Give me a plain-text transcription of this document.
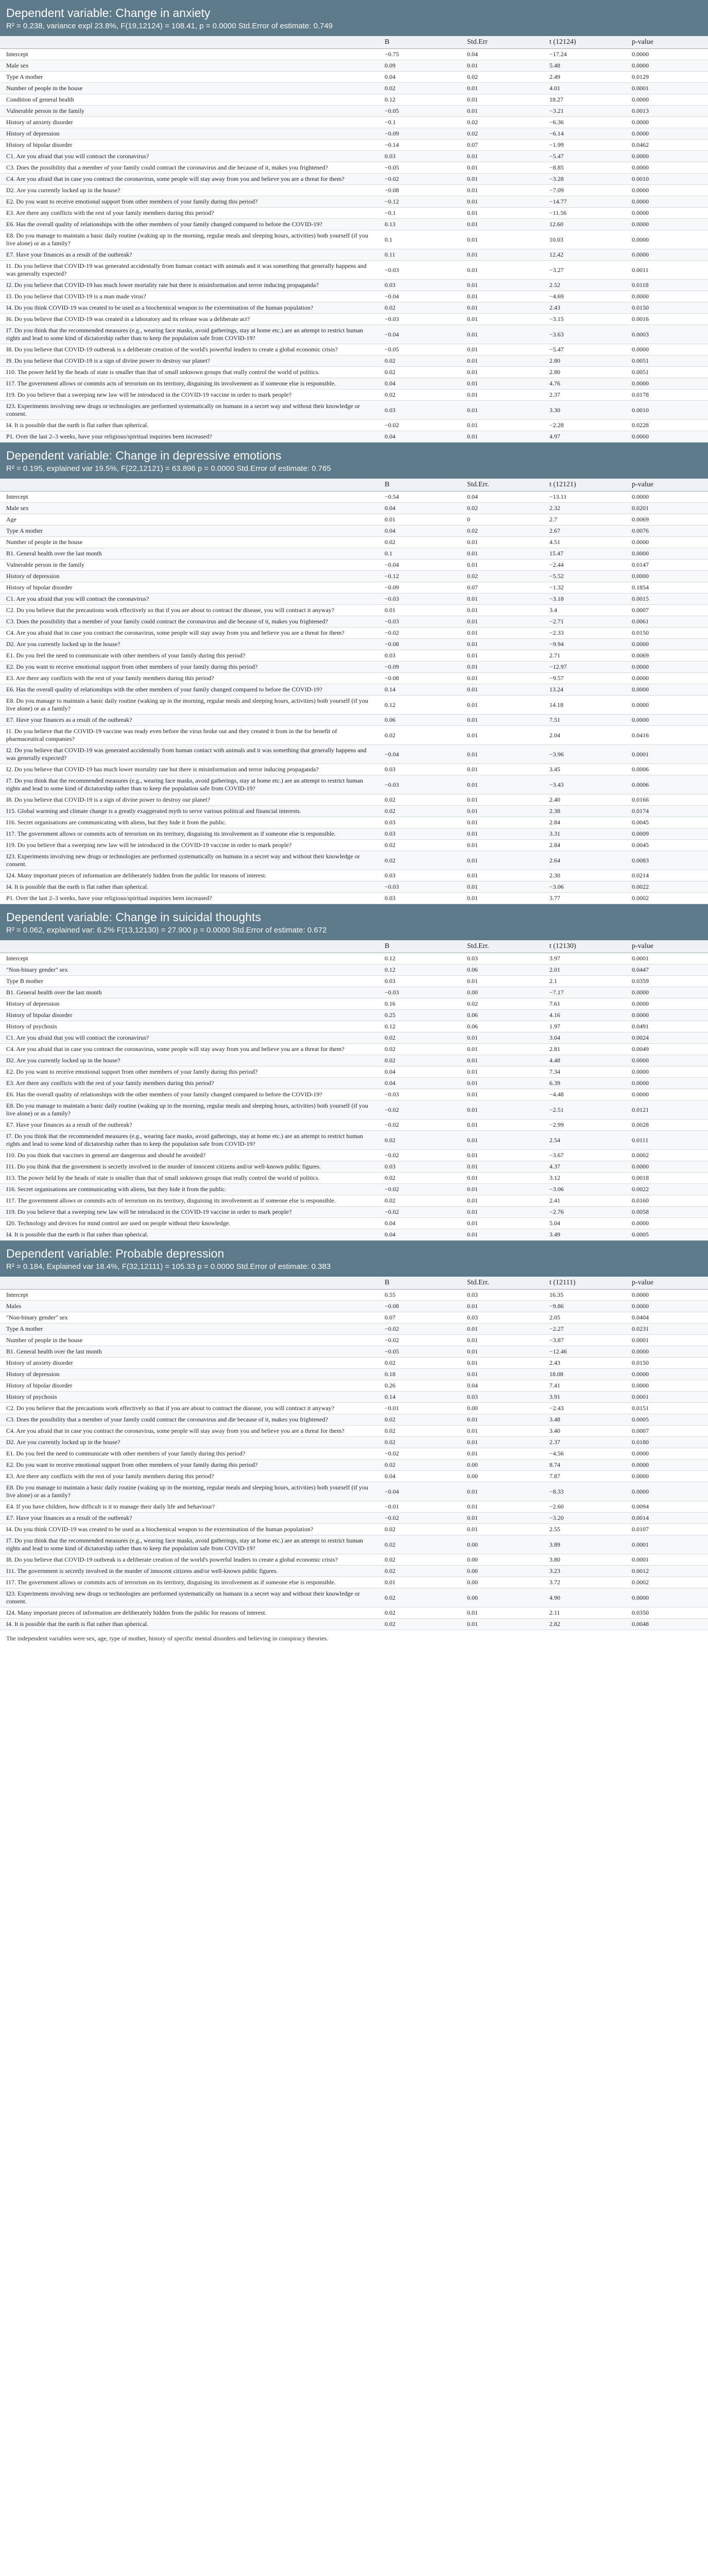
Dependent variable: Change in anxiety
R² = 0.238, variance expl 23.8%, F(19,12124) = 108.41, p = 0.0000 Std.Error of estimate: 0.749
	B	Std.Err	t (12124)	p-value
Intercept	−0.75	0.04	−17.24	0.0000
Male sex	0.09	0.01	5.48	0.0000
Type A mother	0.04	0.02	2.49	0.0129
Number of people in the house	0.02	0.01	4.01	0.0001
Condition of general health	0.12	0.01	18.27	0.0000
Vulnerable person in the family	−0.05	0.01	−3.21	0.0013
History of anxiety disorder	−0.1	0.02	−6.36	0.0000
History of depression	−0.09	0.02	−6.14	0.0000
History of bipolar disorder	−0.14	0.07	−1.99	0.0462
C1. Are you afraid that you will contract the coronavirus?	0.03	0.01	−5.47	0.0000
C3. Does the possibility that a member of your family could contract the coronavirus and die because of it, makes you frightened?	−0.05	0.01	−8.85	0.0000
C4. Are you afraid that in case you contract the coronavirus, some people will stay away from you and believe you are a threat for them?	−0.02	0.01	−3.28	0.0010
D2. Are you currently locked up in the house?	−0.08	0.01	−7.09	0.0000
E2. Do you want to receive emotional support from other members of your family during this period?	−0.12	0.01	−14.77	0.0000
E3. Are there any conflicts with the rest of your family members during this period?	−0.1	0.01	−11.56	0.0000
E6. Has the overall quality of relationships with the other members of your family changed compared to before the COVID-19?	0.13	0.01	12.60	0.0000
E8. Do you manage to maintain a basic daily routine (waking up in the morning, regular meals and sleeping hours, activities) both yourself (if you live alone) or as a family?	0.1	0.01	10.03	0.0000
E7. Have your finances as a result of the outbreak?	0.11	0.01	12.42	0.0000
I1. Do you believe that COVID-19 was generated accidentally from human contact with animals and it was something that generally happens and was generally expected?	−0.03	0.01	−3.27	0.0011
I2. Do you believe that COVID-19 has much lower mortality rate but there is misinformation and terror inducing propaganda?	0.03	0.01	2.52	0.0118
I3. Do you believe that COVID-19 is a man made virus?	−0.04	0.01	−4.69	0.0000
I4. Do you think COVID-19 was created to be used as a biochemical weapon to the extermination of the human population?	0.02	0.01	2.43	0.0150
I6. Do you believe that COVID-19 was created in a laboratory and its release was a deliberate act?	−0.03	0.01	−3.15	0.0016
I7. Do you think that the recommended measures (e.g., wearing face masks, avoid gatherings, stay at home etc.) are an attempt to restrict human rights and lead to some kind of dictatorship rather than to keep the population safe from COVID-19?	−0.04	0.01	−3.63	0.0003
I8. Do you believe that COVID-19 outbreak is a deliberate creation of the world's powerful leaders to create a global economic crisis?	−0.05	0.01	−5.47	0.0000
I9. Do you believe that COVID-19 is a sign of divine power to destroy our planet?	0.02	0.01	2.80	0.0051
I10. The power held by the heads of state is smaller than that of small unknown groups that really control the world of politics.	0.02	0.01	2.80	0.0051
I17. The government allows or commits acts of terrorism on its territory, disguising its involvement as if someone else is responsible.	0.04	0.01	4.76	0.0000
I19. Do you believe that a sweeping new law will be introduced in the COVID-19 vaccine in order to mark people?	0.02	0.01	2.37	0.0178
I23. Experiments involving new drugs or technologies are performed systematically on humans in a secret way and without their knowledge or consent.	0.03	0.01	3.30	0.0010
I4. It is possible that the earth is flat rather than spherical.	−0.02	0.01	−2.28	0.0228
P1. Over the last 2–3 weeks, have your religious/spiritual inquiries been increased?	0.04	0.01	4.97	0.0000
Dependent variable: Change in depressive emotions
R² = 0.195, explained var 19.5%, F(22,12121) = 63.896 p = 0.0000 Std.Error of estimate: 0.765
	B	Std.Err.	t (12121)	p-value
Intercept	−0.54	0.04	−13.11	0.0000
Male sex	0.04	0.02	2.32	0.0201
Age	0.01	0	2.7	0.0069
Type A mother	0.04	0.02	2.67	0.0076
Number of people in the house	0.02	0.01	4.51	0.0000
B1. General health over the last month	0.1	0.01	15.47	0.0000
Vulnerable person in the family	−0.04	0.01	−2.44	0.0147
History of depression	−0.12	0.02	−5.52	0.0000
History of bipolar disorder	−0.09	0.07	−1.32	0.1854
C1. Are you afraid that you will contract the coronavirus?	−0.03	0.01	−3.18	0.0015
C2. Do you believe that the precautions work effectively so that if you are about to contract the disease, you will contract it anyway?	0.01	0.01	3.4	0.0007
C3. Does the possibility that a member of your family could contract the coronavirus and die because of it, makes you frightened?	−0.03	0.01	−2.71	0.0061
C4. Are you afraid that in case you contract the coronavirus, some people will stay away from you and believe you are a threat for them?	−0.02	0.01	−2.33	0.0150
D2. Are you currently locked up in the house?	−0.08	0.01	−9.94	0.0000
E1. Do you feel the need to communicate with other members of your family during this period?	0.03	0.01	2.71	0.0069
E2. Do you want to receive emotional support from other members of your family during this period?	−0.09	0.01	−12.97	0.0000
E3. Are there any conflicts with the rest of your family members during this period?	−0.08	0.01	−9.57	0.0000
E6. Has the overall quality of relationships with the other members of your family changed compared to before the COVID-19?	0.14	0.01	13.24	0.0000
E8. Do you manage to maintain a basic daily routine (waking up in the morning, regular meals and sleeping hours, activities) both yourself (if you live alone) or as a family?	0.12	0.01	14.18	0.0000
E7. Have your finances as a result of the outbreak?	0.06	0.01	7.51	0.0000
I1. Do you believe that the COVID-19 vaccine was ready even before the virus broke out and they created it from in the for benefit of pharmaceutical companies?	0.02	0.01	2.04	0.0416
I2. Do you believe that COVID-19 was generated accidentally from human contact with animals and it was something that generally happens and was generally expected?	−0.04	0.01	−3.96	0.0001
I2. Do you believe that COVID-19 has much lower mortality rate but there is misinformation and terror inducing propaganda?	0.03	0.01	3.45	0.0006
I7. Do you think that the recommended measures (e.g., wearing face masks, avoid gatherings, stay at home etc.) are an attempt to restrict human rights and lead to some kind of dictatorship rather than to keep the population safe from COVID-19?	−0.03	0.01	−3.43	0.0006
I8. Do you believe that COVID-19 is a sign of divine power to destroy our planet?	0.02	0.01	2.40	0.0166
I15. Global warming and climate change is a greatly exaggerated myth to serve various political and financial interests.	0.02	0.01	2.38	0.0174
I16. Secret organisations are communicating with aliens, but they hide it from the public.	0.03	0.01	2.84	0.0045
I17. The government allows or commits acts of terrorism on its territory, disguising its involvement as if someone else is responsible.	0.03	0.01	3.31	0.0009
I19. Do you believe that a sweeping new law will be introduced in the COVID-19 vaccine in order to mark people?	0.02	0.01	2.84	0.0045
I23. Experiments involving new drugs or technologies are performed systematically on humans in a secret way and without their knowledge or consent.	0.02	0.01	2.64	0.0083
I24. Many important pieces of information are deliberately hidden from the public for reasons of interest.	0.03	0.01	2.30	0.0214
I4. It is possible that the earth is flat rather than spherical.	−0.03	0.01	−3.06	0.0022
P1. Over the last 2–3 weeks, have your religious/spiritual inquiries been increased?	0.03	0.01	3.77	0.0002
Dependent variable: Change in suicidal thoughts
R² = 0.062, explained var: 6.2% F(13,12130) = 27.900 p = 0.0000 Std.Error of estimate: 0.672
	B	Std.Err.	t (12130)	p-value
Intercept	0.12	0.03	3.97	0.0001
"Non-binary gender" sex	0.12	0.06	2.01	0.0447
Type B mother	0.03	0.01	2.1	0.0359
B1. General health over the last month	−0.03	0.00	−7.17	0.0000
History of depression	0.16	0.02	7.61	0.0000
History of bipolar disorder	0.25	0.06	4.16	0.0000
History of psychosis	0.12	0.06	1.97	0.0491
C1. Are you afraid that you will contract the coronavirus?	0.02	0.01	3.04	0.0024
C4. Are you afraid that in case you contract the coronavirus, some people will stay away from you and believe you are a threat for them?	0.02	0.01	2.81	0.0049
D2. Are you currently locked up in the house?	0.02	0.01	4.48	0.0000
E2. Do you want to receive emotional support from other members of your family during this period?	0.04	0.01	7.34	0.0000
E3. Are there any conflicts with the rest of your family members during this period?	0.04	0.01	6.39	0.0000
E6. Has the overall quality of relationships with the other members of your family changed compared to before the COVID-19?	−0.03	0.01	−4.48	0.0000
E8. Do you manage to maintain a basic daily routine (waking up in the morning, regular meals and sleeping hours, activities) both yourself (if you live alone) or as a family?	−0.02	0.01	−2.51	0.0121
E7. Have your finances as a result of the outbreak?	−0.02	0.01	−2.99	0.0028
I7. Do you think that the recommended measures (e.g., wearing face masks, avoid gatherings, stay at home etc.) are an attempt to restrict human rights and lead to some kind of dictatorship rather than to keep the population safe from COVID-19?	0.02	0.01	2.54	0.0111
I10. Do you think that vaccines in general are dangerous and should be avoided?	−0.02	0.01	−3.67	0.0002
I11. Do you think that the government is secretly involved in the murder of innocent citizens and/or well-known public figures.	0.03	0.01	4.37	0.0000
I13. The power held by the heads of state is smaller than that of small unknown groups that really control the world of politics.	0.02	0.01	3.12	0.0018
I16. Secret organisations are communicating with aliens, but they hide it from the public.	−0.02	0.01	−3.06	0.0022
I17. The government allows or commits acts of terrorism on its territory, disguising its involvement as if someone else is responsible.	0.02	0.01	2.41	0.0160
I19. Do you believe that a sweeping new law will be introduced in the COVID-19 vaccine in order to mark people?	−0.02	0.01	−2.76	0.0058
I20. Technology and devices for mind control are used on people without their knowledge.	0.04	0.01	5.04	0.0000
I4. It is possible that the earth is flat rather than spherical.	0.04	0.01	3.49	0.0005
Dependent variable: Probable depression
R² = 0.184, Explained var 18.4%, F(32,12111) = 105.33 p = 0.0000 Std.Error of estimate: 0.383
	B	Std.Err.	t (12111)	p-value
Intercept	0.55	0.03	16.35	0.0000
Males	−0.08	0.01	−9.86	0.0000
"Non-binary gender" sex	0.07	0.03	2.05	0.0404
Type A mother	−0.02	0.01	−2.27	0.0231
Number of people in the house	−0.02	0.01	−3.87	0.0001
B1. General health over the last month	−0.05	0.01	−12.46	0.0000
History of anxiety disorder	0.02	0.01	2.43	0.0150
History of depression	0.18	0.01	18.08	0.0000
History of bipolar disorder	0.26	0.04	7.41	0.0000
History of psychosis	0.14	0.03	3.91	0.0001
C2. Do you believe that the precautions work effectively so that if you are about to contract the disease, you will contract it anyway?	−0.01	0.00	−2.43	0.0151
C3. Does the possibility that a member of your family could contract the coronavirus and die because of it, makes you frightened?	0.02	0.01	3.48	0.0005
C4. Are you afraid that in case you contract the coronavirus, some people will stay away from you and believe you are a threat for them?	0.02	0.01	3.40	0.0007
D2. Are you currently locked up in the house?	0.02	0.01	2.37	0.0180
E1. Do you feel the need to communicate with other members of your family during this period?	−0.02	0.01	−4.56	0.0000
E2. Do you want to receive emotional support from other members of your family during this period?	0.02	0.00	8.74	0.0000
E3. Are there any conflicts with the rest of your family members during this period?	0.04	0.00	7.87	0.0000
E8. Do you manage to maintain a basic daily routine (waking up in the morning, regular meals and sleeping hours, activities) both yourself (if you live alone) or as a family?	−0.04	0.01	−8.33	0.0000
E4. If you have children, how difficult is it to manage their daily life and behaviour?	−0.01	0.01	−2.60	0.0094
E7. Have your finances as a result of the outbreak?	−0.02	0.01	−3.20	0.0014
I4. Do you think COVID-19 was created to be used as a biochemical weapon to the extermination of the human population?	0.02	0.01	2.55	0.0107
I7. Do you think that the recommended measures (e.g., wearing face masks, avoid gatherings, stay at home etc.) are an attempt to restrict human rights and lead to some kind of dictatorship rather than to keep the population safe from COVID-19?	0.02	0.00	3.89	0.0001
I8. Do you believe that COVID-19 outbreak is a deliberate creation of the world's powerful leaders to create a global economic crisis?	0.02	0.00	3.80	0.0001
I11. The government is secretly involved in the murder of innocent citizens and/or well-known public figures.	0.02	0.00	3.23	0.0012
I17. The government allows or commits acts of terrorism on its territory, disguising its involvement as if someone else is responsible.	0.01	0.00	3.72	0.0002
I23. Experiments involving new drugs or technologies are performed systematically on humans in a secret way and without their knowledge or consent.	0.02	0.00	4.90	0.0000
I24. Many important pieces of information are deliberately hidden from the public for reasons of interest.	0.02	0.01	2.11	0.0350
I4. It is possible that the earth is flat rather than spherical.	0.02	0.01	2.82	0.0048
The independent variables were sex, age, type of mother, history of specific mental disorders and believing in conspiracy theories.
